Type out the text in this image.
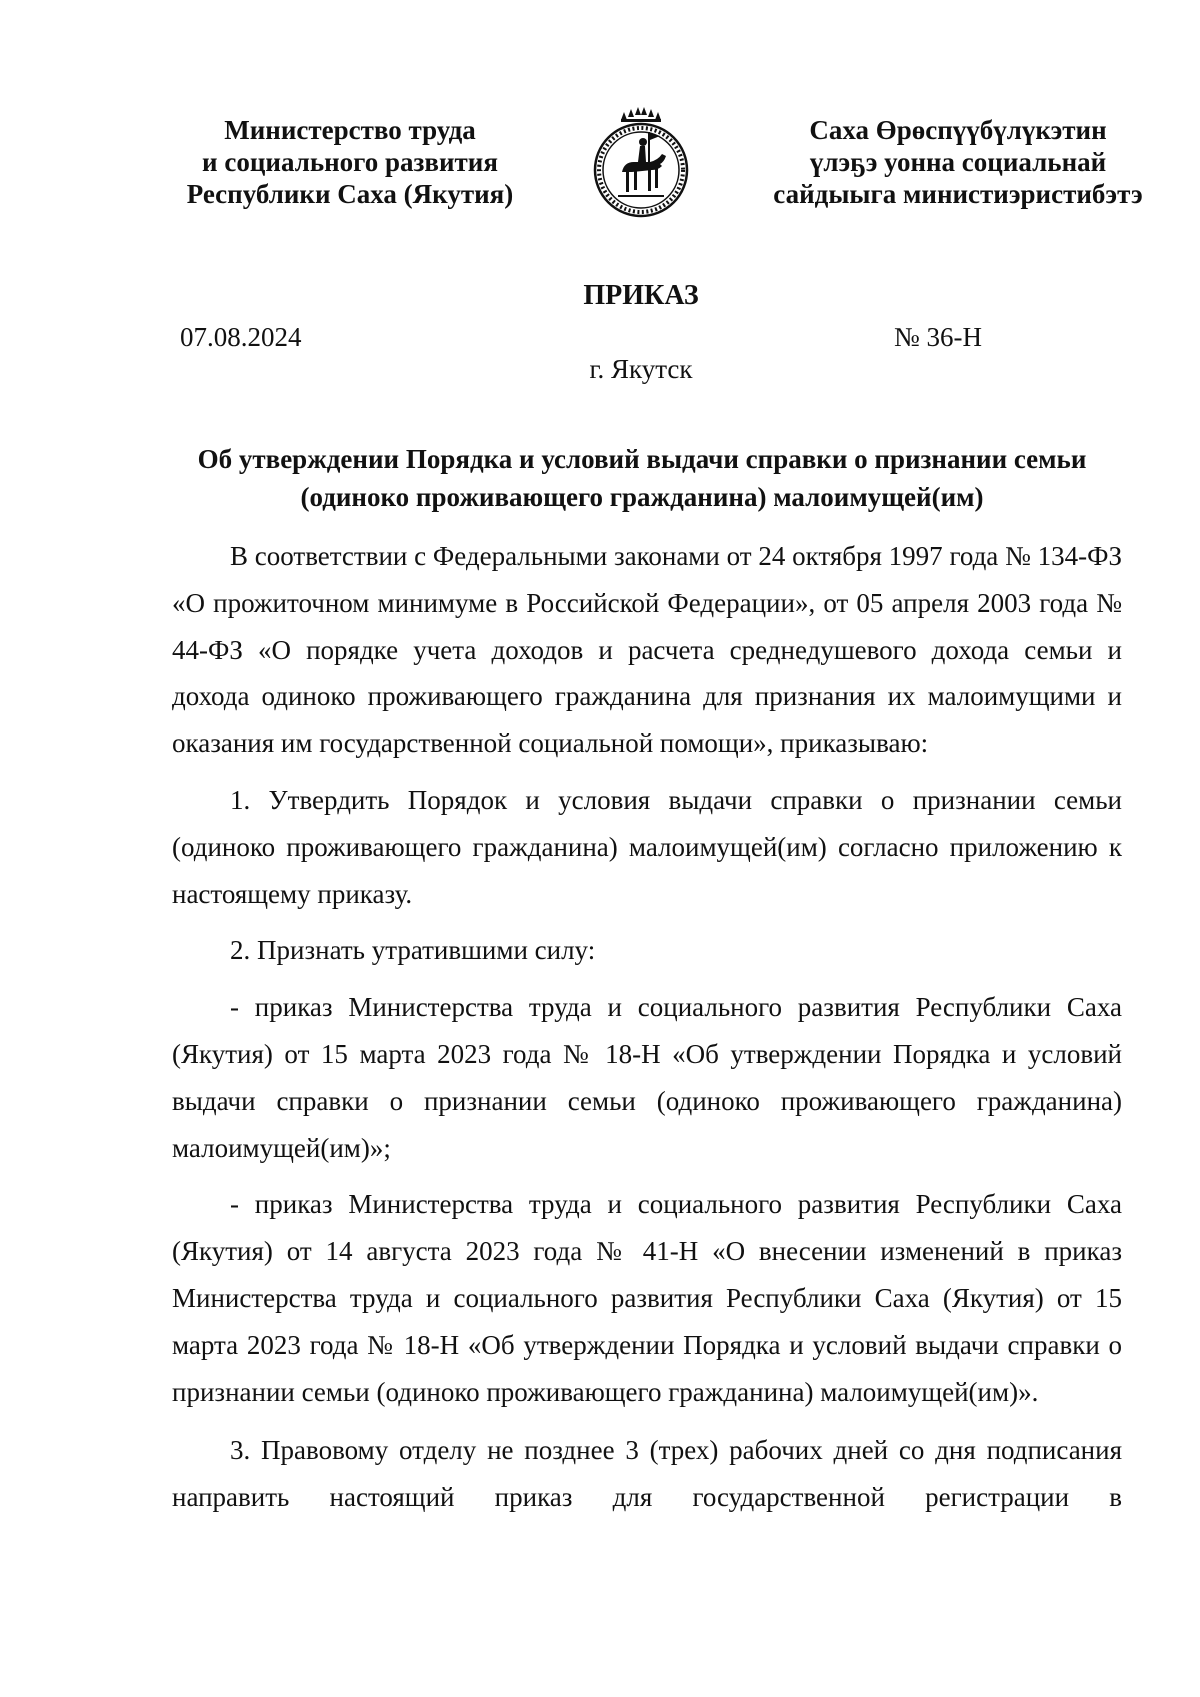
Министерство труда
и социального развития
Республики Саха (Якутия)
Саха Өрөспүүбүлүкэтин
үлэҕэ уонна социальнай
сайдыыга министиэристибэтэ
ПРИКАЗ
07.08.2024	№ 36-Н
г. Якутск
Об утверждении Порядка и условий выдачи справки о признании семьи
(одиноко проживающего гражданина) малоимущей(им)

В соответствии с Федеральными законами от 24 октября 1997 года № 134-ФЗ «О прожиточном минимуме в Российской Федерации», от 05 апреля 2003 года № 44-ФЗ «О порядке учета доходов и расчета среднедушевого дохода семьи и дохода одиноко проживающего гражданина для признания их малоимущими и оказания им государственной социальной помощи», приказываю:

1. Утвердить Порядок и условия выдачи справки о признании семьи (одиноко проживающего гражданина) малоимущей(им) согласно приложению к настоящему приказу.

2. Признать утратившими силу:

- приказ Министерства труда и социального развития Республики Саха (Якутия) от 15 марта 2023 года № 18-Н «Об утверждении Порядка и условий выдачи справки о признании семьи (одиноко проживающего гражданина) малоимущей(им)»;

- приказ Министерства труда и социального развития Республики Саха (Якутия) от 14 августа 2023 года № 41-Н «О внесении изменений в приказ Министерства труда и социального развития Республики Саха (Якутия) от 15 марта 2023 года № 18-Н «Об утверждении Порядка и условий выдачи справки о признании семьи (одиноко проживающего гражданина) малоимущей(им)».

3. Правовому отделу не позднее 3 (трех) рабочих дней со дня подписания направить настоящий приказ для государственной регистрации в
